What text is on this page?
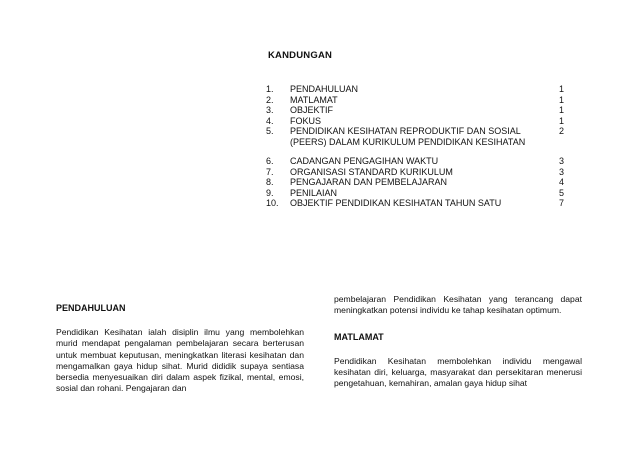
KANDUNGAN
1.	PENDAHULUAN	1
2.	MATLAMAT	1
3.	OBJEKTIF	1
4.	FOKUS	1
5.	PENDIDIKAN KESIHATAN REPRODUKTIF DAN SOSIAL	2
(PEERS) DALAM KURIKULUM PENDIDIKAN KESIHATAN
6.	CADANGAN PENGAGIHAN WAKTU	3
7.	ORGANISASI STANDARD KURIKULUM	3
8.	PENGAJARAN DAN PEMBELAJARAN	4
9.	PENILAIAN	5
10.	OBJEKTIF PENDIDIKAN KESIHATAN TAHUN SATU	7

PENDAHULUAN

Pendidikan Kesihatan ialah disiplin ilmu yang membolehkan murid mendapat pengalaman pembelajaran secara berterusan untuk membuat keputusan, meningkatkan literasi kesihatan dan mengamalkan gaya hidup sihat. Murid dididik supaya sentiasa bersedia menyesuaikan diri dalam aspek fizikal, mental, emosi, sosial dan rohani. Pengajaran dan

pembelajaran Pendidikan Kesihatan yang terancang dapat meningkatkan potensi individu ke tahap kesihatan optimum.

MATLAMAT

Pendidikan Kesihatan membolehkan individu mengawal kesihatan diri, keluarga, masyarakat dan persekitaran menerusi pengetahuan, kemahiran, amalan gaya hidup sihat
